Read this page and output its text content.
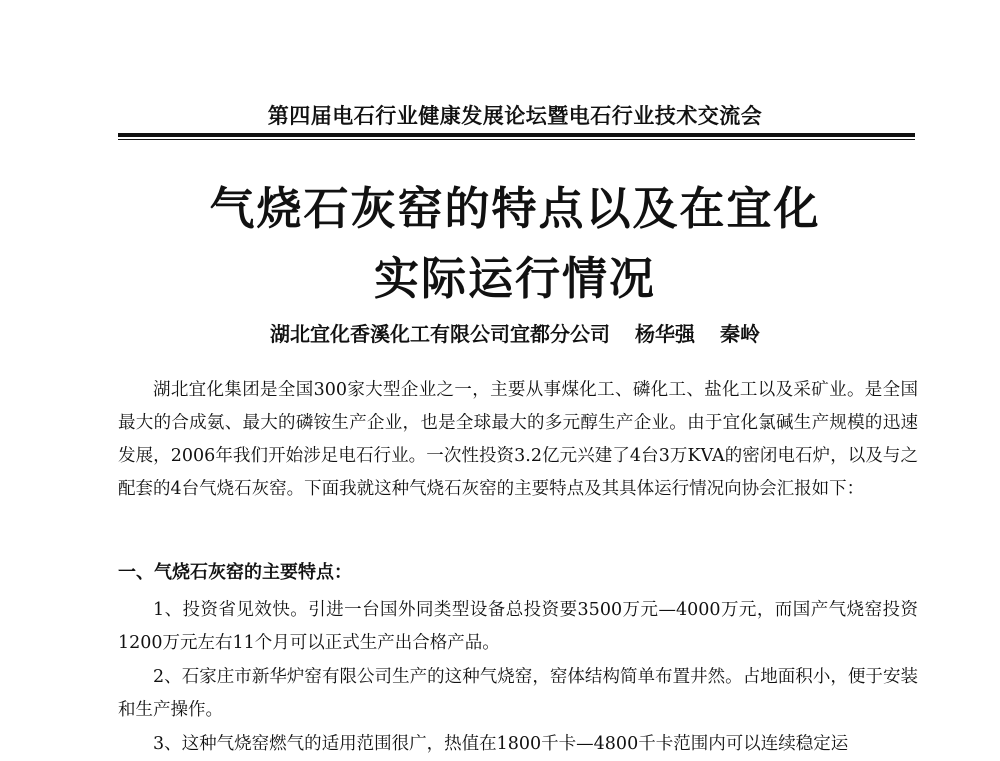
第四届电石行业健康发展论坛暨电石行业技术交流会
气烧石灰窑的特点以及在宜化
实际运行情况
湖北宜化香溪化工有限公司宜都分公司 杨华强 秦岭

湖北宜化集团是全国300家大型企业之一，主要从事煤化工、磷化工、盐化工以及采矿业。是全国最大的合成氨、最大的磷铵生产企业，也是全球最大的多元醇生产企业。由于宜化氯碱生产规模的迅速发展，2006年我们开始涉足电石行业。一次性投资3.2亿元兴建了4台3万KVA的密闭电石炉，以及与之配套的4台气烧石灰窑。下面我就这种气烧石灰窑的主要特点及其具体运行情况向协会汇报如下：

一、气烧石灰窑的主要特点：

1、投资省见效快。引进一台国外同类型设备总投资要3500万元—4000万元，而国产气烧窑投资1200万元左右11个月可以正式生产出合格产品。

2、石家庄市新华炉窑有限公司生产的这种气烧窑，窑体结构简单布置井然。占地面积小，便于安装和生产操作。

3、这种气烧窑燃气的适用范围很广，热值在1800千卡—4800千卡范围内可以连续稳定运
